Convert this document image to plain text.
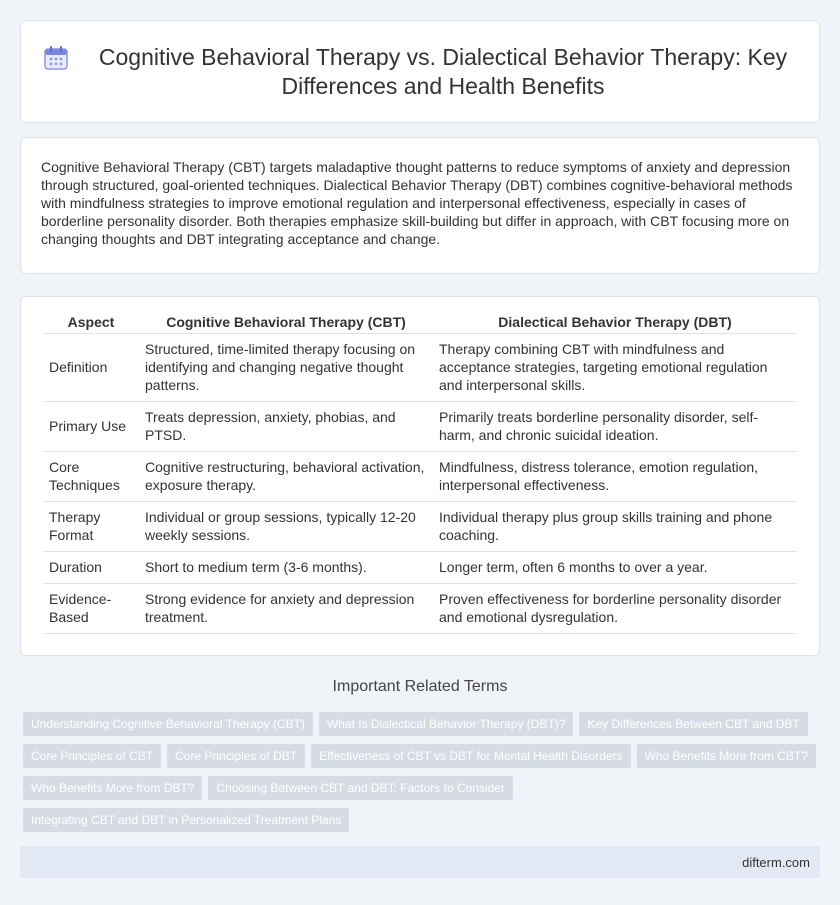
Cognitive Behavioral Therapy vs. Dialectical Behavior Therapy: Key Differences and Health Benefits

Cognitive Behavioral Therapy (CBT) targets maladaptive thought patterns to reduce symptoms of anxiety and depression through structured, goal-oriented techniques. Dialectical Behavior Therapy (DBT) combines cognitive-behavioral methods with mindfulness strategies to improve emotional regulation and interpersonal effectiveness, especially in cases of borderline personality disorder. Both therapies emphasize skill-building but differ in approach, with CBT focusing more on changing thoughts and DBT integrating acceptance and change.

Aspect	Cognitive Behavioral Therapy (CBT)	Dialectical Behavior Therapy (DBT)
Definition	Structured, time-limited therapy focusing on identifying and changing negative thought patterns.	Therapy combining CBT with mindfulness and acceptance strategies, targeting emotional regulation and interpersonal skills.
Primary Use	Treats depression, anxiety, phobias, and PTSD.	Primarily treats borderline personality disorder, self-harm, and chronic suicidal ideation.
Core Techniques	Cognitive restructuring, behavioral activation, exposure therapy.	Mindfulness, distress tolerance, emotion regulation, interpersonal effectiveness.
Therapy Format	Individual or group sessions, typically 12-20 weekly sessions.	Individual therapy plus group skills training and phone coaching.
Duration	Short to medium term (3-6 months).	Longer term, often 6 months to over a year.
Evidence-Based	Strong evidence for anxiety and depression treatment.	Proven effectiveness for borderline personality disorder and emotional dysregulation.
Important Related Terms
Understanding Cognitive Behavioral Therapy (CBT)	What Is Dialectical Behavior Therapy (DBT)?	Key Differences Between CBT and DBT
Core Principles of CBT	Core Principles of DBT	Effectiveness of CBT vs DBT for Mental Health Disorders	Who Benefits More from CBT?
Who Benefits More from DBT?	Choosing Between CBT and DBT: Factors to Consider
Integrating CBT and DBT in Personalized Treatment Plans
difterm.com
